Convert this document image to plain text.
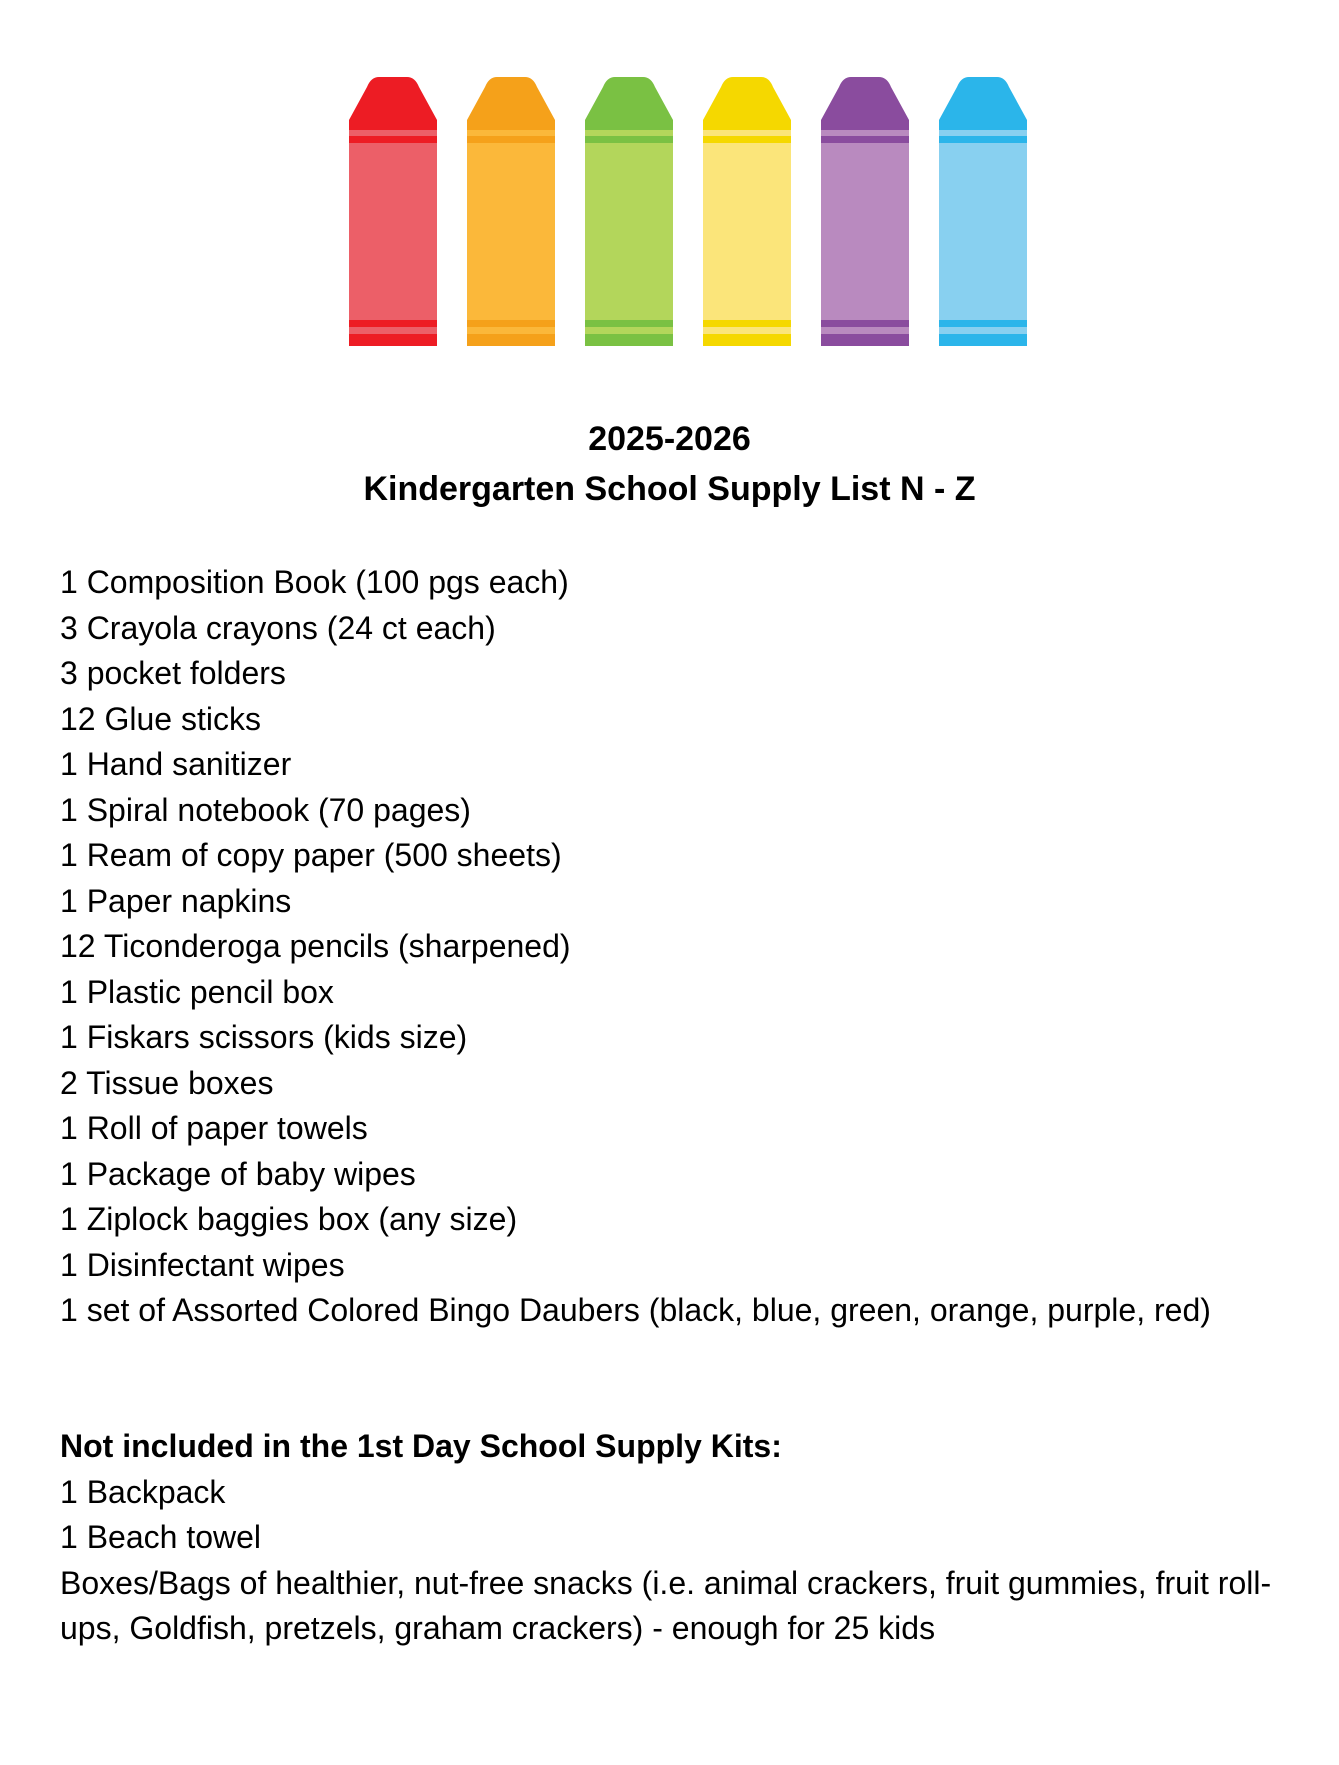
2025-2026
Kindergarten School Supply List N - Z
1 Composition Book (100 pgs each)
3 Crayola crayons (24 ct each)
3 pocket folders
12 Glue sticks
1 Hand sanitizer
1 Spiral notebook (70 pages)
1 Ream of copy paper (500 sheets)
1 Paper napkins
12 Ticonderoga pencils (sharpened)
1 Plastic pencil box
1 Fiskars scissors (kids size)
2 Tissue boxes
1 Roll of paper towels
1 Package of baby wipes
1 Ziplock baggies box (any size)
1 Disinfectant wipes
1 set of Assorted Colored Bingo Daubers (black, blue, green, orange, purple, red)

Not included in the 1st Day School Supply Kits:

1 Backpack
1 Beach towel
Boxes/Bags of healthier, nut-free snacks (i.e. animal crackers, fruit gummies, fruit roll-ups, Goldfish, pretzels, graham crackers) - enough for 25 kids
